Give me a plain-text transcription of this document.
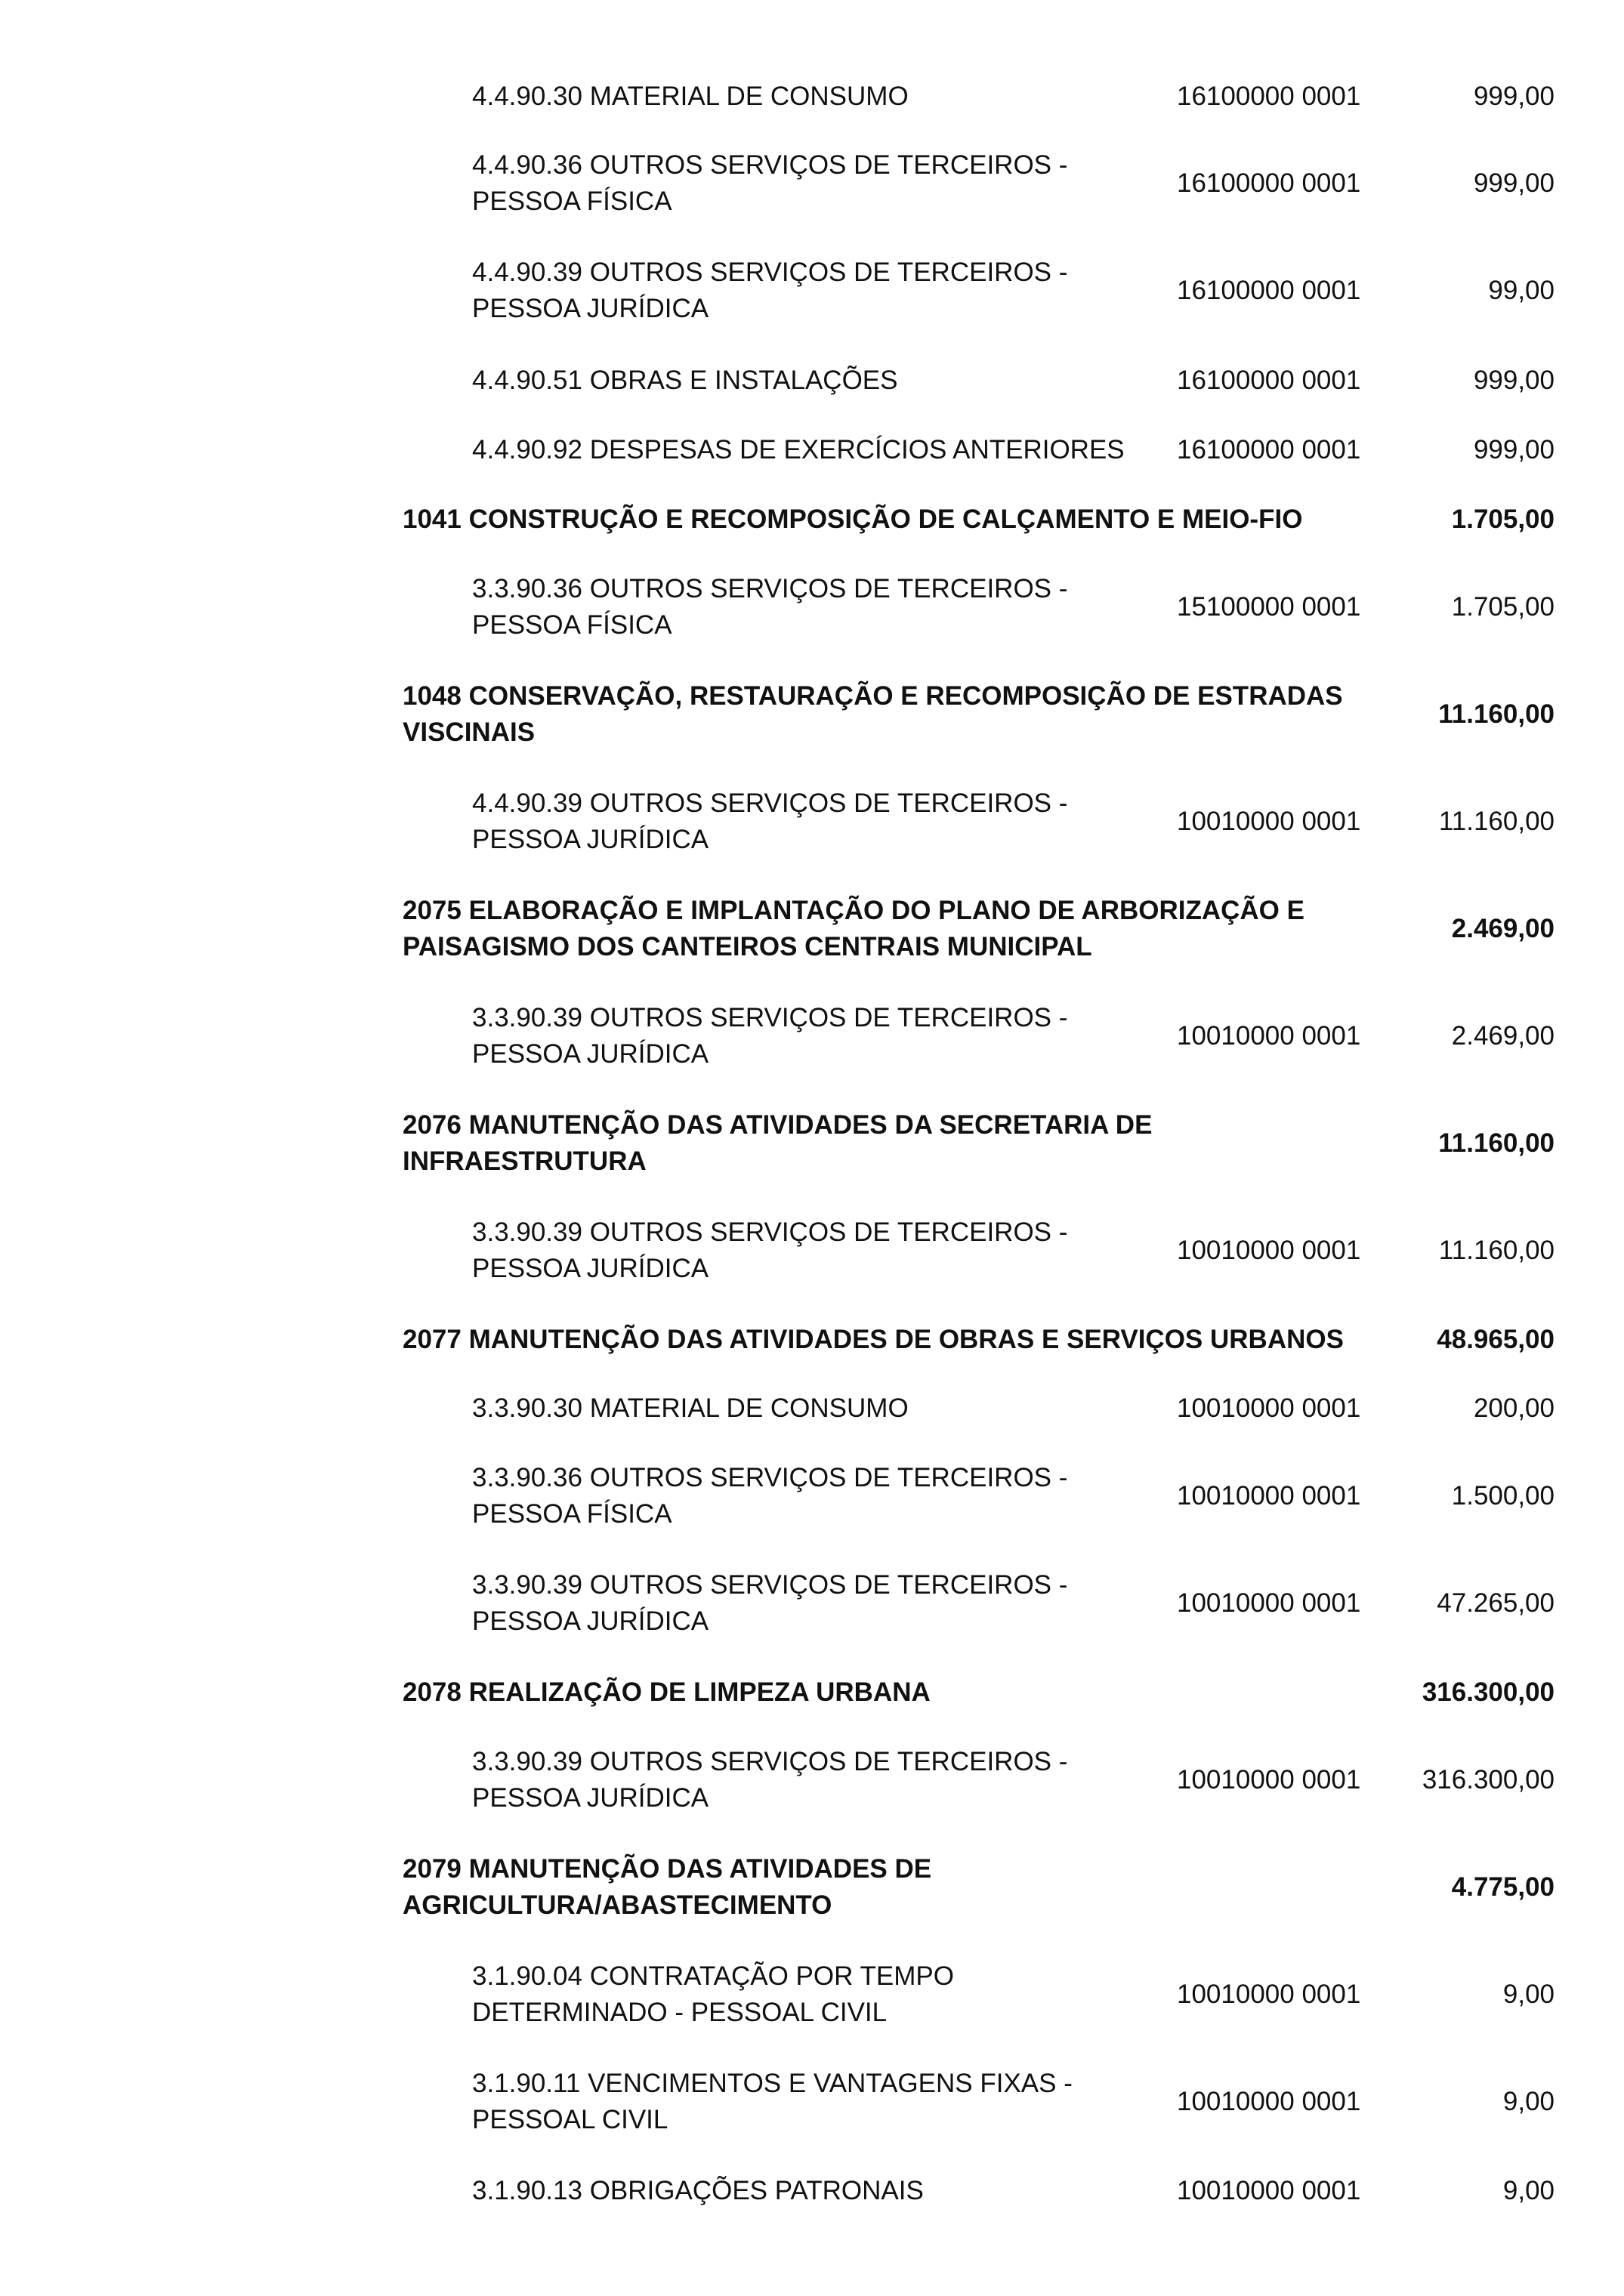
4.4.90.30 MATERIAL DE CONSUMO	16100000 0001	999,00
4.4.90.36 OUTROS SERVIÇOS DE TERCEIROS -
PESSOA FÍSICA
16100000 0001	999,00
4.4.90.39 OUTROS SERVIÇOS DE TERCEIROS -
PESSOA JURÍDICA
16100000 0001	99,00
4.4.90.51 OBRAS E INSTALAÇÕES	16100000 0001	999,00
4.4.90.92 DESPESAS DE EXERCÍCIOS ANTERIORES	16100000 0001	999,00
1041 CONSTRUÇÃO E RECOMPOSIÇÃO DE CALÇAMENTO E MEIO-FIO	1.705,00
3.3.90.36 OUTROS SERVIÇOS DE TERCEIROS -
PESSOA FÍSICA
15100000 0001	1.705,00
1048 CONSERVAÇÃO, RESTAURAÇÃO E RECOMPOSIÇÃO DE ESTRADAS
VISCINAIS
11.160,00
4.4.90.39 OUTROS SERVIÇOS DE TERCEIROS -
PESSOA JURÍDICA
10010000 0001	11.160,00
2075 ELABORAÇÃO E IMPLANTAÇÃO DO PLANO DE ARBORIZAÇÃO E
PAISAGISMO DOS CANTEIROS CENTRAIS MUNICIPAL
2.469,00
3.3.90.39 OUTROS SERVIÇOS DE TERCEIROS -
PESSOA JURÍDICA
10010000 0001	2.469,00
2076 MANUTENÇÃO DAS ATIVIDADES DA SECRETARIA DE
INFRAESTRUTURA
11.160,00
3.3.90.39 OUTROS SERVIÇOS DE TERCEIROS -
PESSOA JURÍDICA
10010000 0001	11.160,00
2077 MANUTENÇÃO DAS ATIVIDADES DE OBRAS E SERVIÇOS URBANOS	48.965,00
3.3.90.30 MATERIAL DE CONSUMO	10010000 0001	200,00
3.3.90.36 OUTROS SERVIÇOS DE TERCEIROS -
PESSOA FÍSICA
10010000 0001	1.500,00
3.3.90.39 OUTROS SERVIÇOS DE TERCEIROS -
PESSOA JURÍDICA
10010000 0001	47.265,00
2078 REALIZAÇÃO DE LIMPEZA URBANA	316.300,00
3.3.90.39 OUTROS SERVIÇOS DE TERCEIROS -
PESSOA JURÍDICA
10010000 0001	316.300,00
2079 MANUTENÇÃO DAS ATIVIDADES DE
AGRICULTURA/ABASTECIMENTO
4.775,00
3.1.90.04 CONTRATAÇÃO POR TEMPO
DETERMINADO - PESSOAL CIVIL
10010000 0001	9,00
3.1.90.11 VENCIMENTOS E VANTAGENS FIXAS -
PESSOAL CIVIL
10010000 0001	9,00
3.1.90.13 OBRIGAÇÕES PATRONAIS	10010000 0001	9,00
